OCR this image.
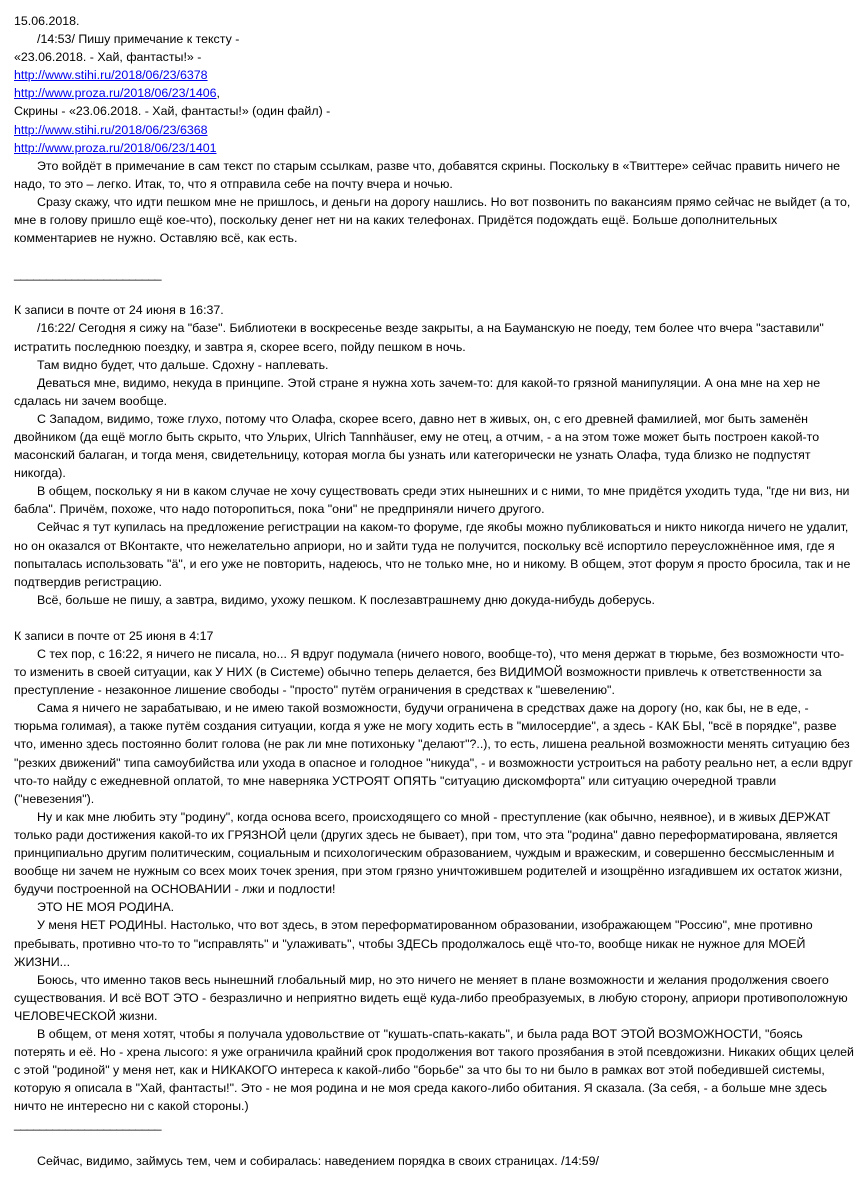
15.06.2018.
/14:53/ Пишу примечание к тексту -
«23.06.2018. - Хай, фантасты!» -
http://www.stihi.ru/2018/06/23/6378
http://www.proza.ru/2018/06/23/1406,
Скрины - «23.06.2018. - Хай, фантасты!» (один файл) -
http://www.stihi.ru/2018/06/23/6368
http://www.proza.ru/2018/06/23/1401

Это войдёт в примечание в сам текст по старым ссылкам, разве что, добавятся скрины. Поскольку в «Твиттере» сейчас править ничего не надо, то это – легко. Итак, то, что я отправила себе на почту вчера и ночью.

Сразу скажу, что идти пешком мне не пришлось, и деньги на дорогу нашлись. Но вот позвонить по вакансиям прямо сейчас не выйдет (а то, мне в голову пришло ещё кое-что), поскольку денег нет ни на каких телефонах. Придётся подождать ещё. Больше дополнительных комментариев не нужно. Оставляю всё, как есть.

_______________________
К записи в почте от 24 июня в 16:37.

/16:22/ Сегодня я сижу на "базе". Библиотеки в воскресенье везде закрыты, а на Бауманскую не поеду, тем более что вчера "заставили" истратить последнюю поездку, и завтра я, скорее всего, пойду пешком в ночь.

Там видно будет, что дальше. Сдохну - наплевать.

Деваться мне, видимо, некуда в принципе. Этой стране я нужна хоть зачем-то: для какой-то грязной манипуляции. А она мне на хер не сдалась ни зачем вообще.

С Западом, видимо, тоже глухо, потому что Олафа, скорее всего, давно нет в живых, он, с его древней фамилией, мог быть заменён двойником (да ещё могло быть скрыто, что Ульрих, Ulrich Tannhäuser, ему не отец, а отчим, - а на этом тоже может быть построен какой-то масонский балаган, и тогда меня, свидетельницу, которая могла бы узнать или категорически не узнать Олафа, туда близко не подпустят никогда).

В общем, поскольку я ни в каком случае не хочу существовать среди этих нынешних и с ними, то мне придётся уходить туда, "где ни виз, ни бабла". Причём, похоже, что надо поторопиться, пока "они" не предприняли ничего другого.

Сейчас я тут купилась на предложение регистрации на каком-то форуме, где якобы можно публиковаться и никто никогда ничего не удалит, но он оказался от ВКонтакте, что нежелательно априори, но и зайти туда не получится, поскольку всё испортило переусложнённое имя, где я попыталась использовать "ä", и его уже не повторить, надеюсь, что не только мне, но и никому. В общем, этот форум я просто бросила, так и не подтвердив регистрацию.

Всё, больше не пишу, а завтра, видимо, ухожу пешком. К послезавтрашнему дню докуда-нибудь доберусь.

К записи в почте от 25 июня в 4:17

С тех пор, с 16:22, я ничего не писала, но... Я вдруг подумала (ничего нового, вообще-то), что меня держат в тюрьме, без возможности что-то изменить в своей ситуации, как У НИХ (в Системе) обычно теперь делается, без ВИДИМОЙ возможности привлечь к ответственности за преступление - незаконное лишение свободы - "просто" путём ограничения в средствах к "шевелению".

Сама я ничего не зарабатываю, и не имею такой возможности, будучи ограничена в средствах даже на дорогу (но, как бы, не в еде, - тюрьма голимая), а также путём создания ситуации, когда я уже не могу ходить есть в "милосердие", а здесь - КАК БЫ, "всё в порядке", разве что, именно здесь постоянно болит голова (не рак ли мне потихоньку "делают"?..), то есть, лишена реальной возможности менять ситуацию без "резких движений" типа самоубийства или ухода в опасное и голодное "никуда", - и возможности устроиться на работу реально нет, а если вдруг что-то найду с ежедневной оплатой, то мне наверняка УСТРОЯТ ОПЯТЬ "ситуацию дискомфорта" или ситуацию очередной травли ("невезения").

Ну и как мне любить эту "родину", когда основа всего, происходящего со мной - преступление (как обычно, неявное), и в живых ДЕРЖАТ только ради достижения какой-то их ГРЯЗНОЙ цели (других здесь не бывает), при том, что эта "родина" давно переформатирована, является принципиально другим политическим, социальным и психологическим образованием, чуждым и вражеским, и совершенно бессмысленным и вообще ни зачем не нужным со всех моих точек зрения, при этом грязно уничтожившем родителей и изощрённо изгадившем их остаток жизни, будучи построенной на ОСНОВАНИИ - лжи и подлости!

ЭТО НЕ МОЯ РОДИНА.

У меня НЕТ РОДИНЫ. Настолько, что вот здесь, в этом переформатированном образовании, изображающем "Россию", мне противно пребывать, противно что-то то "исправлять" и "улаживать", чтобы ЗДЕСЬ продолжалось ещё что-то, вообще никак не нужное для МОЕЙ ЖИЗНИ...

Боюсь, что именно таков весь нынешний глобальный мир, но это ничего не меняет в плане возможности и желания продолжения своего существования. И всё ВОТ ЭТО - безразлично и неприятно видеть ещё куда-либо преобразуемых, в любую сторону, априори противоположную ЧЕЛОВЕЧЕСКОЙ жизни.

В общем, от меня хотят, чтобы я получала удовольствие от "кушать-спать-какать", и была рада ВОТ ЭТОЙ ВОЗМОЖНОСТИ, "боясь потерять и её. Но - хрена лысого: я уже ограничила крайний срок продолжения вот такого прозябания в этой псевдожизни. Никаких общих целей с этой "родиной" у меня нет, как и НИКАКОГО интереса к какой-либо "борьбе" за что бы то ни было в рамках вот этой победившей системы, которую я описала в "Хай, фантасты!". Это - не моя родина и не моя среда какого-либо обитания. Я сказала. (За себя, - а больше мне здесь ничто не интересно ни с какой стороны.)

_______________________

Сейчас, видимо, займусь тем, чем и собиралась: наведением порядка в своих страницах. /14:59/
